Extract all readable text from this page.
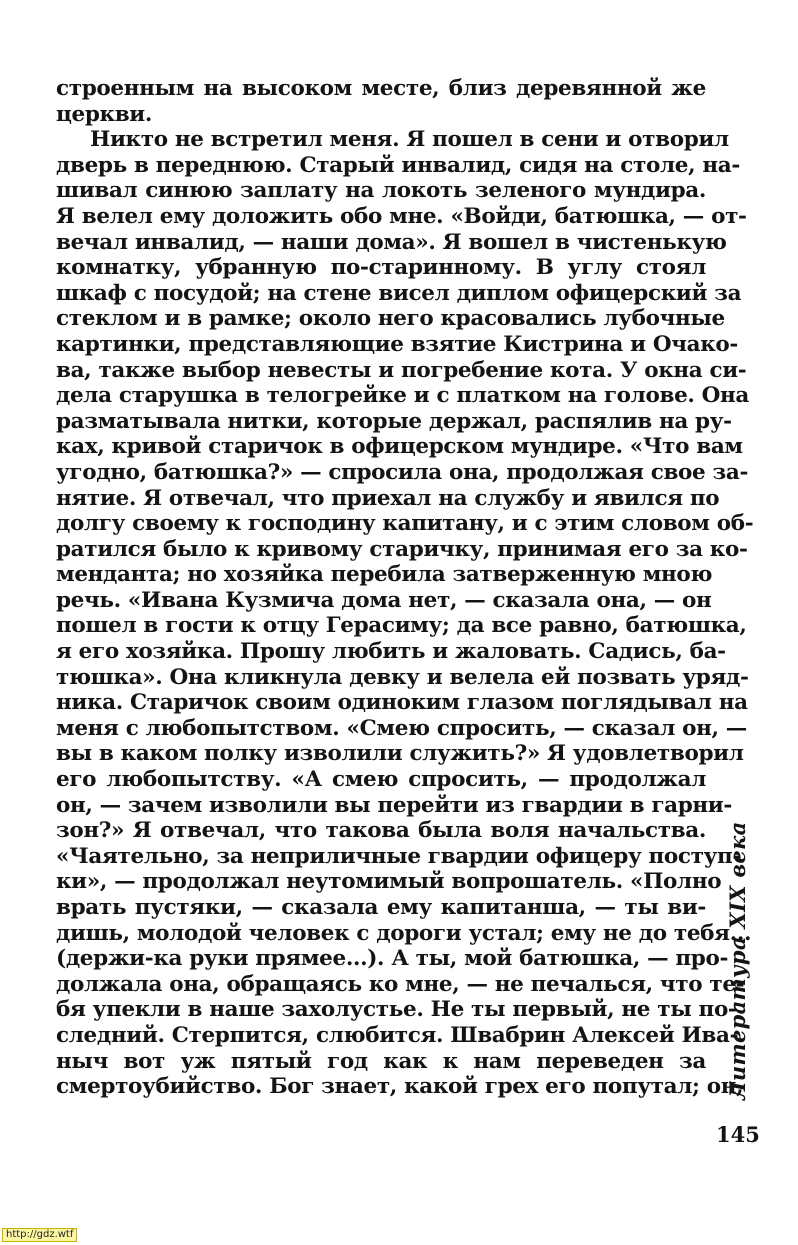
строенным на высоком месте, близ деревянной же
церкви.
Никто не встретил меня. Я пошел в сени и отворил
дверь в переднюю. Старый инвалид, сидя на столе, на-
шивал синюю заплату на локоть зеленого мундира.
Я велел ему доложить обо мне. «Войди, батюшка, — от-
вечал инвалид, — наши дома». Я вошел в чистенькую
комнатку, убранную по-старинному. В углу стоял
шкаф с посудой; на стене висел диплом офицерский за
стеклом и в рамке; около него красовались лубочные
картинки, представляющие взятие Кистрина и Очако-
ва, также выбор невесты и погребение кота. У окна си-
дела старушка в телогрейке и с платком на голове. Она
разматывала нитки, которые держал, распялив на ру-
ках, кривой старичок в офицерском мундире. «Что вам
угодно, батюшка?» — спросила она, продолжая свое за-
нятие. Я отвечал, что приехал на службу и явился по
долгу своему к господину капитану, и с этим словом об-
ратился было к кривому старичку, принимая его за ко-
менданта; но хозяйка перебила затверженную мною
речь. «Ивана Кузмича дома нет, — сказала она, — он
пошел в гости к отцу Герасиму; да все равно, батюшка,
я его хозяйка. Прошу любить и жаловать. Садись, ба-
тюшка». Она кликнула девку и велела ей позвать уряд-
ника. Старичок своим одиноким глазом поглядывал на
меня с любопытством. «Смею спросить, — сказал он, —
вы в каком полку изволили служить?» Я удовлетворил
его любопытству. «А смею спросить, — продолжал
он, — зачем изволили вы перейти из гвардии в гарни-
зон?» Я отвечал, что такова была воля начальства.
«Чаятельно, за неприличные гвардии офицеру поступ-
ки», — продолжал неутомимый вопрошатель. «Полно
врать пустяки, — сказала ему капитанша, — ты ви-
дишь, молодой человек с дороги устал; ему не до тебя...
(держи-ка руки прямее...). А ты, мой батюшка, — про-
должала она, обращаясь ко мне, — не печалься, что те-
бя упекли в наше захолустье. Не ты первый, не ты по-
следний. Стерпится, слюбится. Швабрин Алексей Ива-
ныч вот уж пятый год как к нам переведен за
смертоубийство. Бог знает, какой грех его попутал; он,
Литература XIX века
145
http://gdz.wtf
